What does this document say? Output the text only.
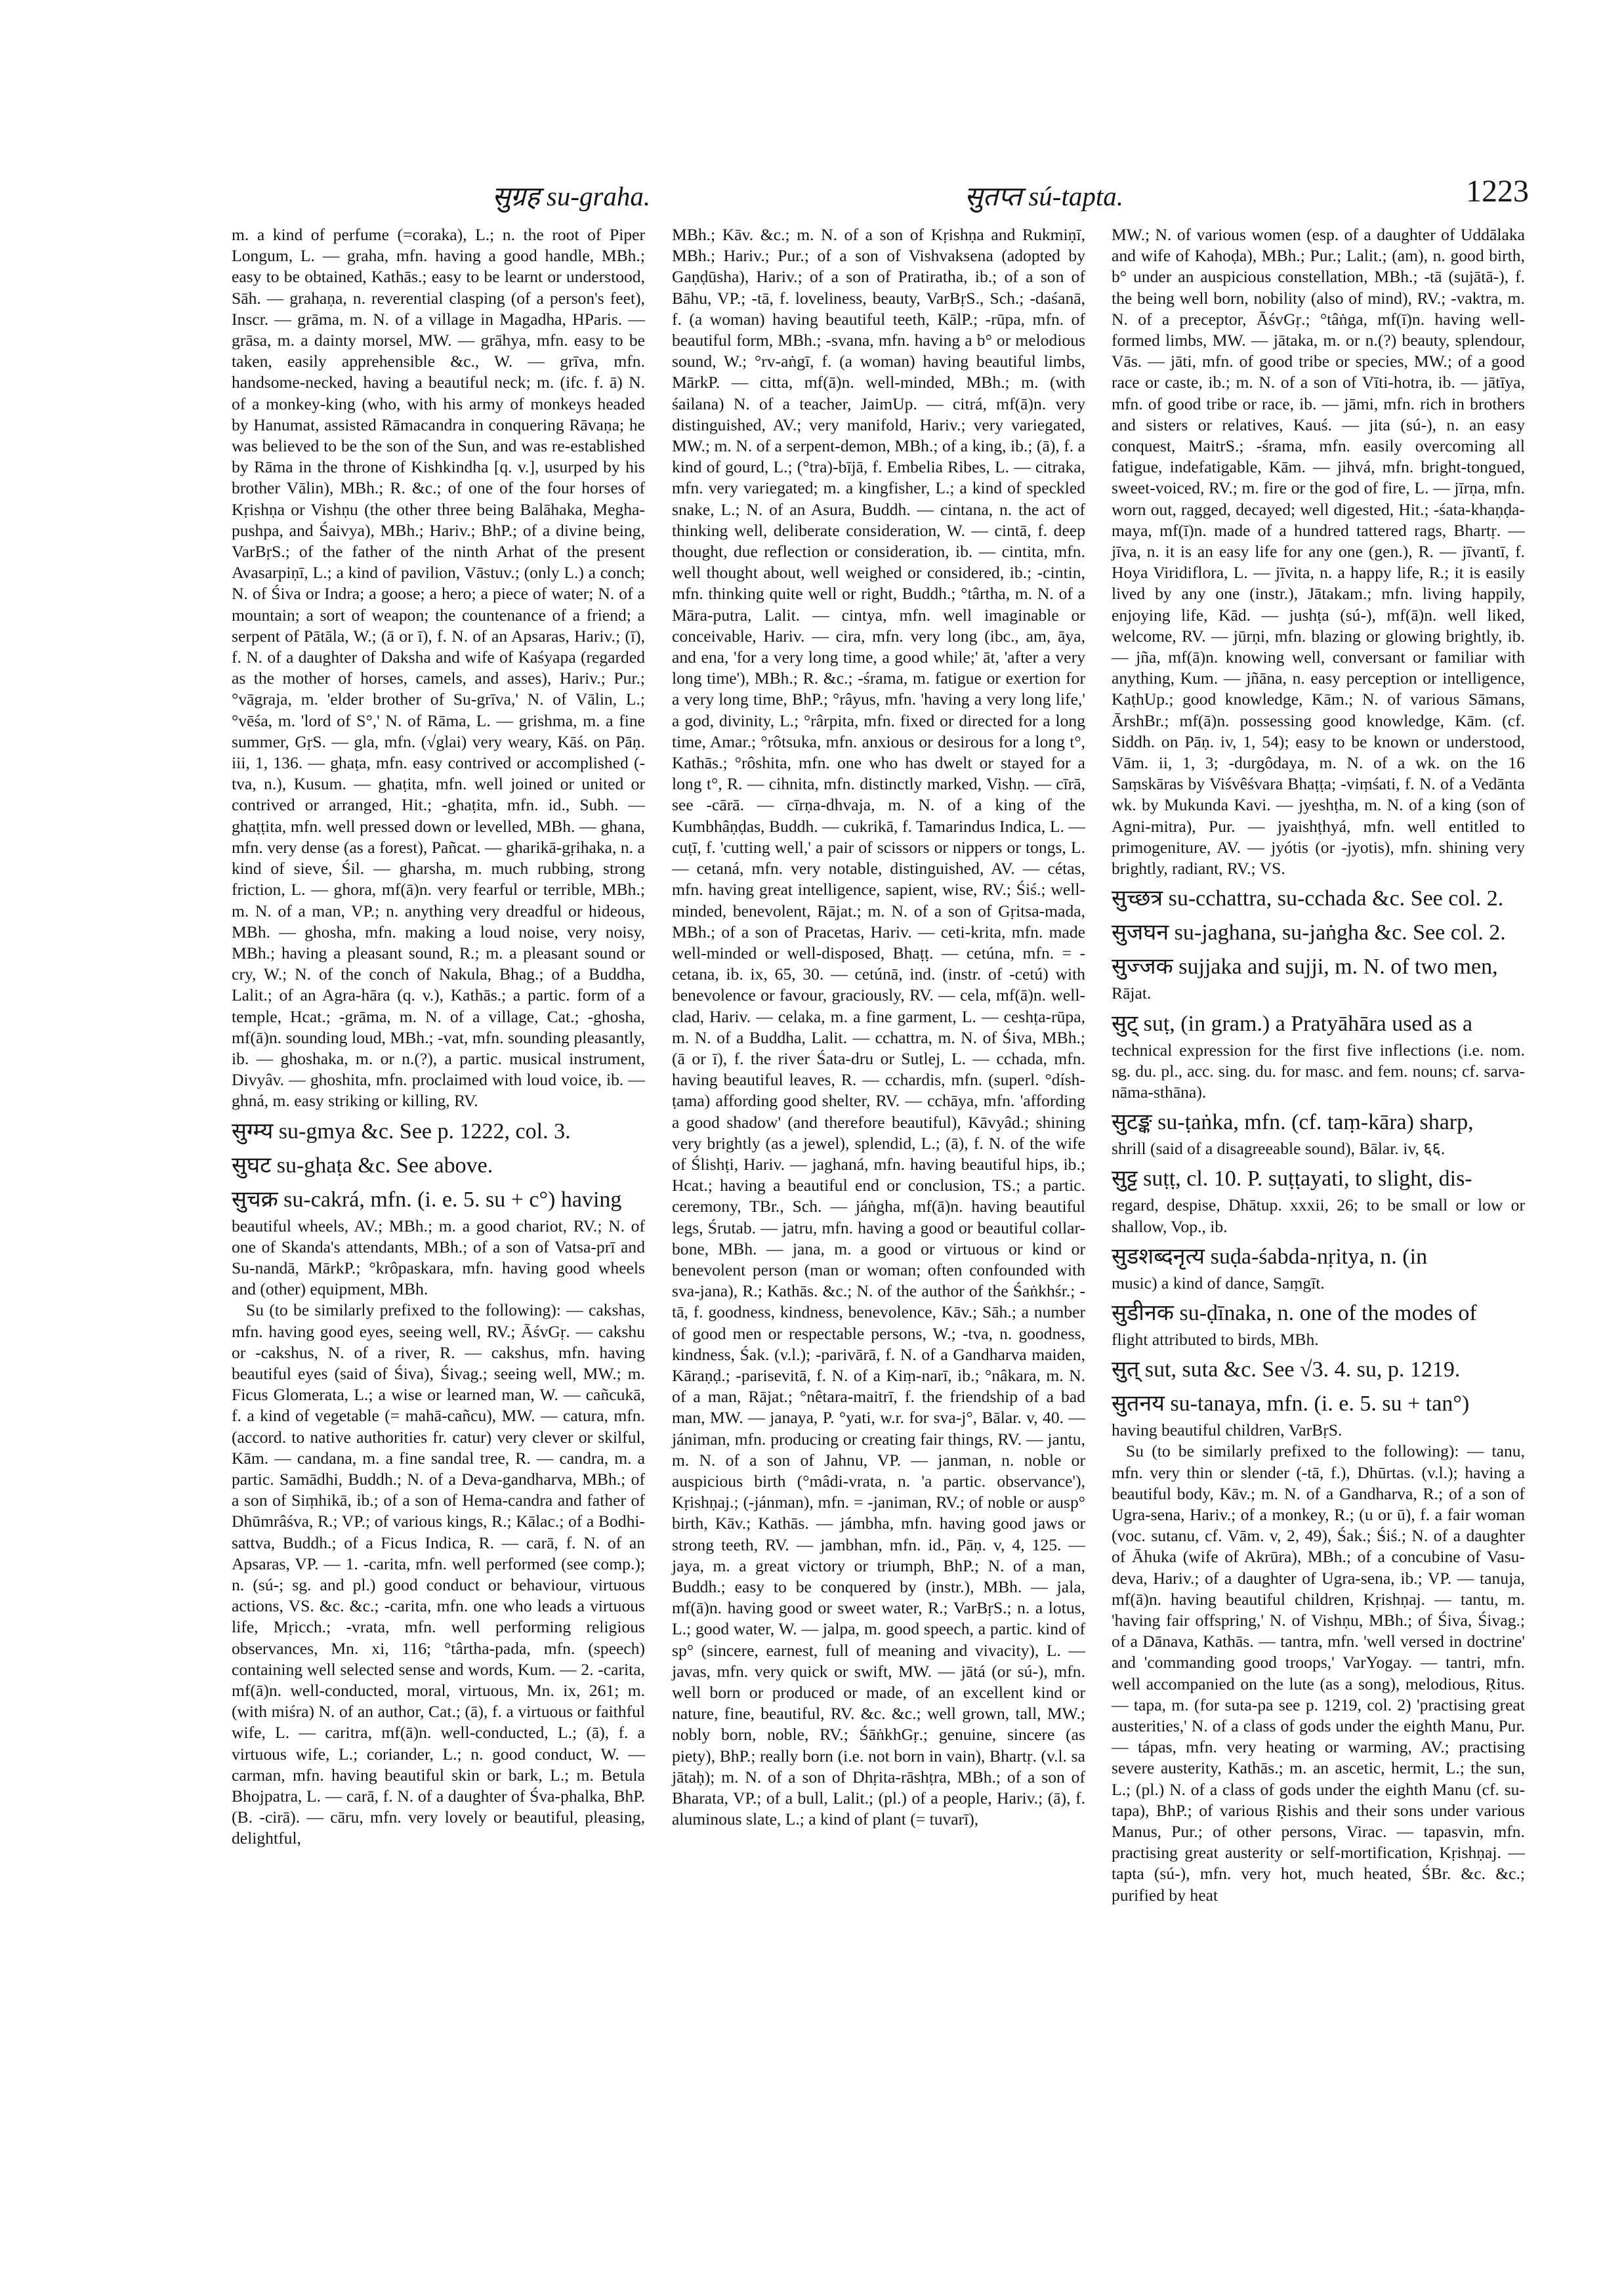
सुग्रह su-graha.	सुतप्त sú-tapta.	1223

m. a kind of perfume (=coraka), L.; n. the root of Piper Longum, L. — graha, mfn. having a good handle, MBh.; easy to be obtained, Kathās.; easy to be learnt or understood, Sāh. — grahaṇa, n. reverential clasping (of a person's feet), Inscr. — grāma, m. N. of a village in Magadha, HParis. — grāsa, m. a dainty morsel, MW. — grāhya, mfn. easy to be taken, easily apprehensible &c., W. — grīva, mfn. handsome-necked, having a beautiful neck; m. (ifc. f. ā) N. of a monkey-king (who, with his army of monkeys headed by Hanumat, assisted Rāmacandra in conquering Rāvaṇa; he was believed to be the son of the Sun, and was re-established by Rāma in the throne of Kishkindha [q. v.], usurped by his brother Vālin), MBh.; R. &c.; of one of the four horses of Kṛishṇa or Vishṇu (the other three being Balāhaka, Megha-pushpa, and Śaivya), MBh.; Hariv.; BhP.; of a divine being, VarBṛS.; of the father of the ninth Arhat of the present Avasarpiṇī, L.; a kind of pavilion, Vāstuv.; (only L.) a conch; N. of Śiva or Indra; a goose; a hero; a piece of water; N. of a mountain; a sort of weapon; the countenance of a friend; a serpent of Pātāla, W.; (ā or ī), f. N. of an Apsaras, Hariv.; (ī), f. N. of a daughter of Daksha and wife of Kaśyapa (regarded as the mother of horses, camels, and asses), Hariv.; Pur.; °vāgraja, m. 'elder brother of Su-grīva,' N. of Vālin, L.; °vēśa, m. 'lord of S°,' N. of Rāma, L. — grishma, m. a fine summer, GṛS. — gla, mfn. (√glai) very weary, Kāś. on Pāṇ. iii, 1, 136. — ghaṭa, mfn. easy contrived or accomplished (-tva, n.), Kusum. — ghaṭita, mfn. well joined or united or contrived or arranged, Hit.; -ghaṭita, mfn. id., Subh. — ghaṭṭita, mfn. well pressed down or levelled, MBh. — ghana, mfn. very dense (as a forest), Pañcat. — gharikā-gṛihaka, n. a kind of sieve, Śil. — gharsha, m. much rubbing, strong friction, L. — ghora, mf(ā)n. very fearful or terrible, MBh.; m. N. of a man, VP.; n. anything very dreadful or hideous, MBh. — ghosha, mfn. making a loud noise, very noisy, MBh.; having a pleasant sound, R.; m. a pleasant sound or cry, W.; N. of the conch of Nakula, Bhag.; of a Buddha, Lalit.; of an Agra-hāra (q. v.), Kathās.; a partic. form of a temple, Hcat.; -grāma, m. N. of a village, Cat.; -ghosha, mf(ā)n. sounding loud, MBh.; -vat, mfn. sounding pleasantly, ib. — ghoshaka, m. or n.(?), a partic. musical instrument, Divyâv. — ghoshita, mfn. proclaimed with loud voice, ib. — ghná, m. easy striking or killing, RV.

सुग्म्य su-gmya &c. See p. 1222, col. 3.
सुघट su-ghaṭa &c. See above.
सुचक्र su-cakrá, mfn. (i. e. 5. su + c°) having

beautiful wheels, AV.; MBh.; m. a good chariot, RV.; N. of one of Skanda's attendants, MBh.; of a son of Vatsa-prī and Su-nandā, MārkP.; °krôpaskara, mfn. having good wheels and (other) equipment, MBh.

Su (to be similarly prefixed to the following): — cakshas, mfn. having good eyes, seeing well, RV.; ĀśvGṛ. — cakshu or -cakshus, N. of a river, R. — cakshus, mfn. having beautiful eyes (said of Śiva), Śivag.; seeing well, MW.; m. Ficus Glomerata, L.; a wise or learned man, W. — cañcukā, f. a kind of vegetable (= mahā-cañcu), MW. — catura, mfn. (accord. to native authorities fr. catur) very clever or skilful, Kām. — candana, m. a fine sandal tree, R. — candra, m. a partic. Samādhi, Buddh.; N. of a Deva-gandharva, MBh.; of a son of Siṃhikā, ib.; of a son of Hema-candra and father of Dhūmrâśva, R.; VP.; of various kings, R.; Kālac.; of a Bodhi-sattva, Buddh.; of a Ficus Indica, R. — carā, f. N. of an Apsaras, VP. — 1. -carita, mfn. well performed (see comp.); n. (sú-; sg. and pl.) good conduct or behaviour, virtuous actions, VS. &c. &c.; -carita, mfn. one who leads a virtuous life, Mṛicch.; -vrata, mfn. well performing religious observances, Mn. xi, 116; °târtha-pada, mfn. (speech) containing well selected sense and words, Kum. — 2. -carita, mf(ā)n. well-conducted, moral, virtuous, Mn. ix, 261; m. (with miśra) N. of an author, Cat.; (ā), f. a virtuous or faithful wife, L. — caritra, mf(ā)n. well-conducted, L.; (ā), f. a virtuous wife, L.; coriander, L.; n. good conduct, W. — carman, mfn. having beautiful skin or bark, L.; m. Betula Bhojpatra, L. — carā, f. N. of a daughter of Śva-phalka, BhP. (B. -cirā). — cāru, mfn. very lovely or beautiful, pleasing, delightful,

MBh.; Kāv. &c.; m. N. of a son of Kṛishṇa and Rukmiṇī, MBh.; Hariv.; Pur.; of a son of Vishvaksena (adopted by Gaṇḍūsha), Hariv.; of a son of Pratiratha, ib.; of a son of Bāhu, VP.; -tā, f. loveliness, beauty, VarBṛS., Sch.; -daśanā, f. (a woman) having beautiful teeth, KālP.; -rūpa, mfn. of beautiful form, MBh.; -svana, mfn. having a b° or melodious sound, W.; °rv-aṅgī, f. (a woman) having beautiful limbs, MārkP. — citta, mf(ā)n. well-minded, MBh.; m. (with śailana) N. of a teacher, JaimUp. — citrá, mf(ā)n. very distinguished, AV.; very manifold, Hariv.; very variegated, MW.; m. N. of a serpent-demon, MBh.; of a king, ib.; (ā), f. a kind of gourd, L.; (°tra)-bījā, f. Embelia Ribes, L. — citraka, mfn. very variegated; m. a kingfisher, L.; a kind of speckled snake, L.; N. of an Asura, Buddh. — cintana, n. the act of thinking well, deliberate consideration, W. — cintā, f. deep thought, due reflection or consideration, ib. — cintita, mfn. well thought about, well weighed or considered, ib.; -cintin, mfn. thinking quite well or right, Buddh.; °târtha, m. N. of a Māra-putra, Lalit. — cintya, mfn. well imaginable or conceivable, Hariv. — cira, mfn. very long (ibc., am, āya, and ena, 'for a very long time, a good while;' āt, 'after a very long time'), MBh.; R. &c.; -śrama, m. fatigue or exertion for a very long time, BhP.; °râyus, mfn. 'having a very long life,' a god, divinity, L.; °rârpita, mfn. fixed or directed for a long time, Amar.; °rôtsuka, mfn. anxious or desirous for a long t°, Kathās.; °rôshita, mfn. one who has dwelt or stayed for a long t°, R. — cihnita, mfn. distinctly marked, Vishṇ. — cīrā, see -cārā. — cīrṇa-dhvaja, m. N. of a king of the Kumbhâṇḍas, Buddh. — cukrikā, f. Tamarindus Indica, L. — cuṭī, f. 'cutting well,' a pair of scissors or nippers or tongs, L. — cetaná, mfn. very notable, distinguished, AV. — cétas, mfn. having great intelligence, sapient, wise, RV.; Śiś.; well-minded, benevolent, Rājat.; m. N. of a son of Gṛitsa-mada, MBh.; of a son of Pracetas, Hariv. — ceti-krita, mfn. made well-minded or well-disposed, Bhaṭṭ. — cetúna, mfn. = -cetana, ib. ix, 65, 30. — cetúnā, ind. (instr. of -cetú) with benevolence or favour, graciously, RV. — cela, mf(ā)n. well-clad, Hariv. — celaka, m. a fine garment, L. — ceshṭa-rūpa, m. N. of a Buddha, Lalit. — cchattra, m. N. of Śiva, MBh.; (ā or ī), f. the river Śata-dru or Sutlej, L. — cchada, mfn. having beautiful leaves, R. — cchardis, mfn. (superl. °dísh-ṭama) affording good shelter, RV. — cchāya, mfn. 'affording a good shadow' (and therefore beautiful), Kāvyâd.; shining very brightly (as a jewel), splendid, L.; (ā), f. N. of the wife of Ślishṭi, Hariv. — jaghaná, mfn. having beautiful hips, ib.; Hcat.; having a beautiful end or conclusion, TS.; a partic. ceremony, TBr., Sch. — jáṅgha, mf(ā)n. having beautiful legs, Śrutab. — jatru, mfn. having a good or beautiful collar-bone, MBh. — jana, m. a good or virtuous or kind or benevolent person (man or woman; often confounded with sva-jana), R.; Kathās. &c.; N. of the author of the Śaṅkhśr.; -tā, f. goodness, kindness, benevolence, Kāv.; Sāh.; a number of good men or respectable persons, W.; -tva, n. goodness, kindness, Śak. (v.l.); -parivārā, f. N. of a Gandharva maiden, Kāraṇḍ.; -parisevitā, f. N. of a Kiṃ-narī, ib.; °nâkara, m. N. of a man, Rājat.; °nêtara-maitrī, f. the friendship of a bad man, MW. — janaya, P. °yati, w.r. for sva-j°, Bālar. v, 40. — jániman, mfn. producing or creating fair things, RV. — jantu, m. N. of a son of Jahnu, VP. — janman, n. noble or auspicious birth (°mâdi-vrata, n. 'a partic. observance'), Kṛishṇaj.; (-jánman), mfn. = -janiman, RV.; of noble or ausp° birth, Kāv.; Kathās. — jámbha, mfn. having good jaws or strong teeth, RV. — jambhan, mfn. id., Pāṇ. v, 4, 125. — jaya, m. a great victory or triumph, BhP.; N. of a man, Buddh.; easy to be conquered by (instr.), MBh. — jala, mf(ā)n. having good or sweet water, R.; VarBṛS.; n. a lotus, L.; good water, W. — jalpa, m. good speech, a partic. kind of sp° (sincere, earnest, full of meaning and vivacity), L. — javas, mfn. very quick or swift, MW. — jātá (or sú-), mfn. well born or produced or made, of an excellent kind or nature, fine, beautiful, RV. &c. &c.; well grown, tall, MW.; nobly born, noble, RV.; ŚāṅkhGṛ.; genuine, sincere (as piety), BhP.; really born (i.e. not born in vain), Bhartṛ. (v.l. sa jātaḥ); m. N. of a son of Dhṛita-rāshṭra, MBh.; of a son of Bharata, VP.; of a bull, Lalit.; (pl.) of a people, Hariv.; (ā), f. aluminous slate, L.; a kind of plant (= tuvarī),

MW.; N. of various women (esp. of a daughter of Uddālaka and wife of Kahoḍa), MBh.; Pur.; Lalit.; (am), n. good birth, b° under an auspicious constellation, MBh.; -tā (sujātā-), f. the being well born, nobility (also of mind), RV.; -vaktra, m. N. of a preceptor, ĀśvGṛ.; °tâṅga, mf(ī)n. having well-formed limbs, MW. — jātaka, m. or n.(?) beauty, splendour, Vās. — jāti, mfn. of good tribe or species, MW.; of a good race or caste, ib.; m. N. of a son of Vīti-hotra, ib. — jātīya, mfn. of good tribe or race, ib. — jāmi, mfn. rich in brothers and sisters or relatives, Kauś. — jita (sú-), n. an easy conquest, MaitrS.; -śrama, mfn. easily overcoming all fatigue, indefatigable, Kām. — jihvá, mfn. bright-tongued, sweet-voiced, RV.; m. fire or the god of fire, L. — jīrṇa, mfn. worn out, ragged, decayed; well digested, Hit.; -śata-khaṇḍa-maya, mf(ī)n. made of a hundred tattered rags, Bhartṛ. — jīva, n. it is an easy life for any one (gen.), R. — jīvantī, f. Hoya Viridiflora, L. — jīvita, n. a happy life, R.; it is easily lived by any one (instr.), Jātakam.; mfn. living happily, enjoying life, Kād. — jushṭa (sú-), mf(ā)n. well liked, welcome, RV. — jūrṇi, mfn. blazing or glowing brightly, ib. — jña, mf(ā)n. knowing well, conversant or familiar with anything, Kum. — jñāna, n. easy perception or intelligence, KaṭhUp.; good knowledge, Kām.; N. of various Sāmans, ĀrshBr.; mf(ā)n. possessing good knowledge, Kām. (cf. Siddh. on Pāṇ. iv, 1, 54); easy to be known or understood, Vām. ii, 1, 3; -durgôdaya, m. N. of a wk. on the 16 Saṃskāras by Viśvêśvara Bhaṭṭa; -viṃśati, f. N. of a Vedānta wk. by Mukunda Kavi. — jyeshṭha, m. N. of a king (son of Agni-mitra), Pur. — jyaishṭhyá, mfn. well entitled to primogeniture, AV. — jyótis (or -jyotis), mfn. shining very brightly, radiant, RV.; VS.

सुच्छत्र su-cchattra, su-cchada &c. See col. 2.
सुजघन su-jaghana, su-jaṅgha &c. See col. 2.
सुज्जक sujjaka and sujji, m. N. of two men,

Rājat.

सुट् suṭ, (in gram.) a Pratyāhāra used as a

technical expression for the first five inflections (i.e. nom. sg. du. pl., acc. sing. du. for masc. and fem. nouns; cf. sarva-nāma-sthāna).

सुटङ्क su-ṭaṅka, mfn. (cf. taṃ-kāra) sharp,

shrill (said of a disagreeable sound), Bālar. iv, ६६.

सुट्ट suṭṭ, cl. 10. P. suṭṭayati, to slight, dis-

regard, despise, Dhātup. xxxii, 26; to be small or low or shallow, Vop., ib.

सुडशब्दनृत्य suḍa-śabda-nṛitya, n. (in

music) a kind of dance, Saṃgīt.

सुडीनक su-ḍīnaka, n. one of the modes of

flight attributed to birds, MBh.

सुत् sut, suta &c. See √3. 4. su, p. 1219.
सुतनय su-tanaya, mfn. (i. e. 5. su + tan°)

having beautiful children, VarBṛS.

Su (to be similarly prefixed to the following): — tanu, mfn. very thin or slender (-tā, f.), Dhūrtas. (v.l.); having a beautiful body, Kāv.; m. N. of a Gandharva, R.; of a son of Ugra-sena, Hariv.; of a monkey, R.; (u or ū), f. a fair woman (voc. sutanu, cf. Vām. v, 2, 49), Śak.; Śiś.; N. of a daughter of Āhuka (wife of Akrūra), MBh.; of a concubine of Vasu-deva, Hariv.; of a daughter of Ugra-sena, ib.; VP. — tanuja, mf(ā)n. having beautiful children, Kṛishṇaj. — tantu, m. 'having fair offspring,' N. of Vishṇu, MBh.; of Śiva, Śivag.; of a Dānava, Kathās. — tantra, mfn. 'well versed in doctrine' and 'commanding good troops,' VarYogay. — tantri, mfn. well accompanied on the lute (as a song), melodious, Ṛitus. — tapa, m. (for suta-pa see p. 1219, col. 2) 'practising great austerities,' N. of a class of gods under the eighth Manu, Pur. — tápas, mfn. very heating or warming, AV.; practising severe austerity, Kathās.; m. an ascetic, hermit, L.; the sun, L.; (pl.) N. of a class of gods under the eighth Manu (cf. su-tapa), BhP.; of various Ṛishis and their sons under various Manus, Pur.; of other persons, Virac. — tapasvin, mfn. practising great austerity or self-mortification, Kṛishṇaj. — tapta (sú-), mfn. very hot, much heated, ŚBr. &c. &c.; purified by heat
